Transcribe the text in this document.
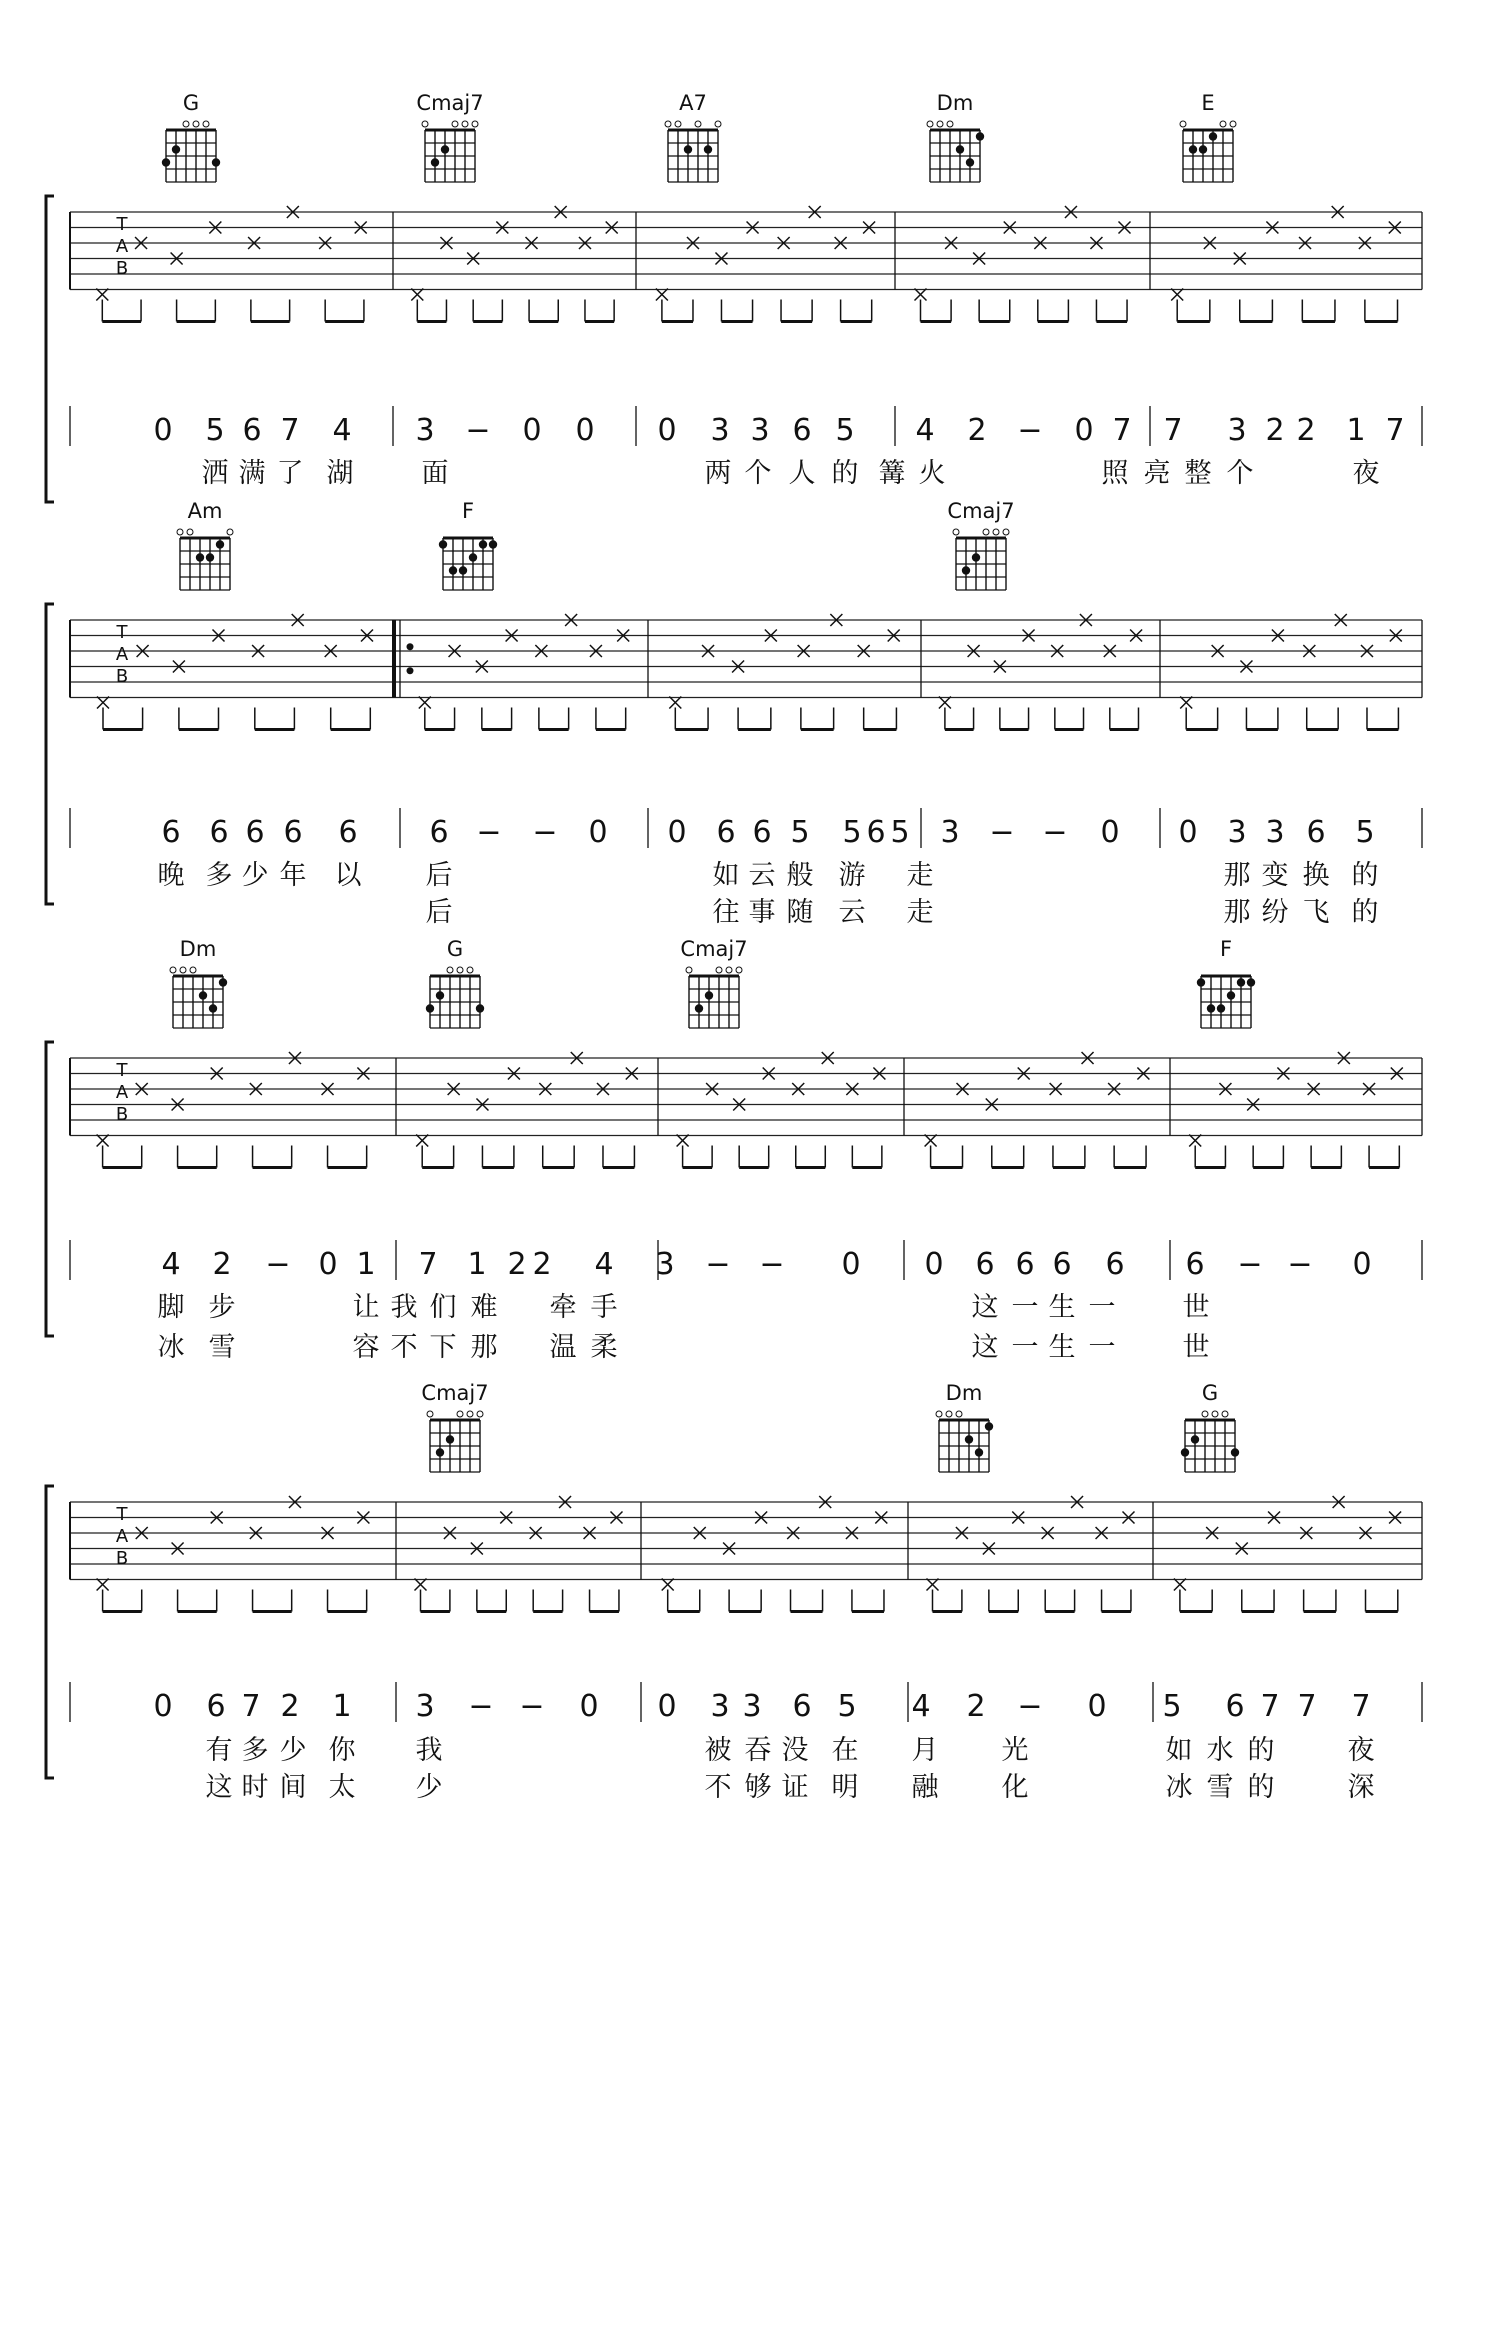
T
A
B
0 5 6 7 4 3 − 0 0 0 3 3 6 5 4 2 − 0 7 7 3 2 2 1 7
洒 满 了 湖	面	两 个 人 的 篝 火	照 亮 整 个	夜
G	Cmaj7	A7	Dm	E
T
A
B
6 6 6 6 6 6 − − 0 0 6 6 5 5 6 5 3 − − 0 0 3 3 6 5
晚 多 少 年 以 后	如 云 般 游 走	那 变 换 的
后	往 事 随 云 走	那 纷 飞 的
Am	F	Cmaj7
T
A
B
4 2 − 0 1 7 1 2 2 4 3 − − 0 0 6 6 6 6 6 − − 0
脚 步	让 我 们 难 牵 手	这 一 生 一 世
冰 雪	容 不 下 那 温 柔	这 一 生 一 世
Dm	G	Cmaj7	F
T
A
B
0 6 7 2 1 3 − − 0 0 3 3 6 5 4 2 − 0 5 6 7 7 7
有 多 少 你 我	被 吞 没 在 月 光	如 水 的	夜
这 时 间 太 少	不 够 证 明 融 化	冰 雪 的	深
Cmaj7	Dm	G
